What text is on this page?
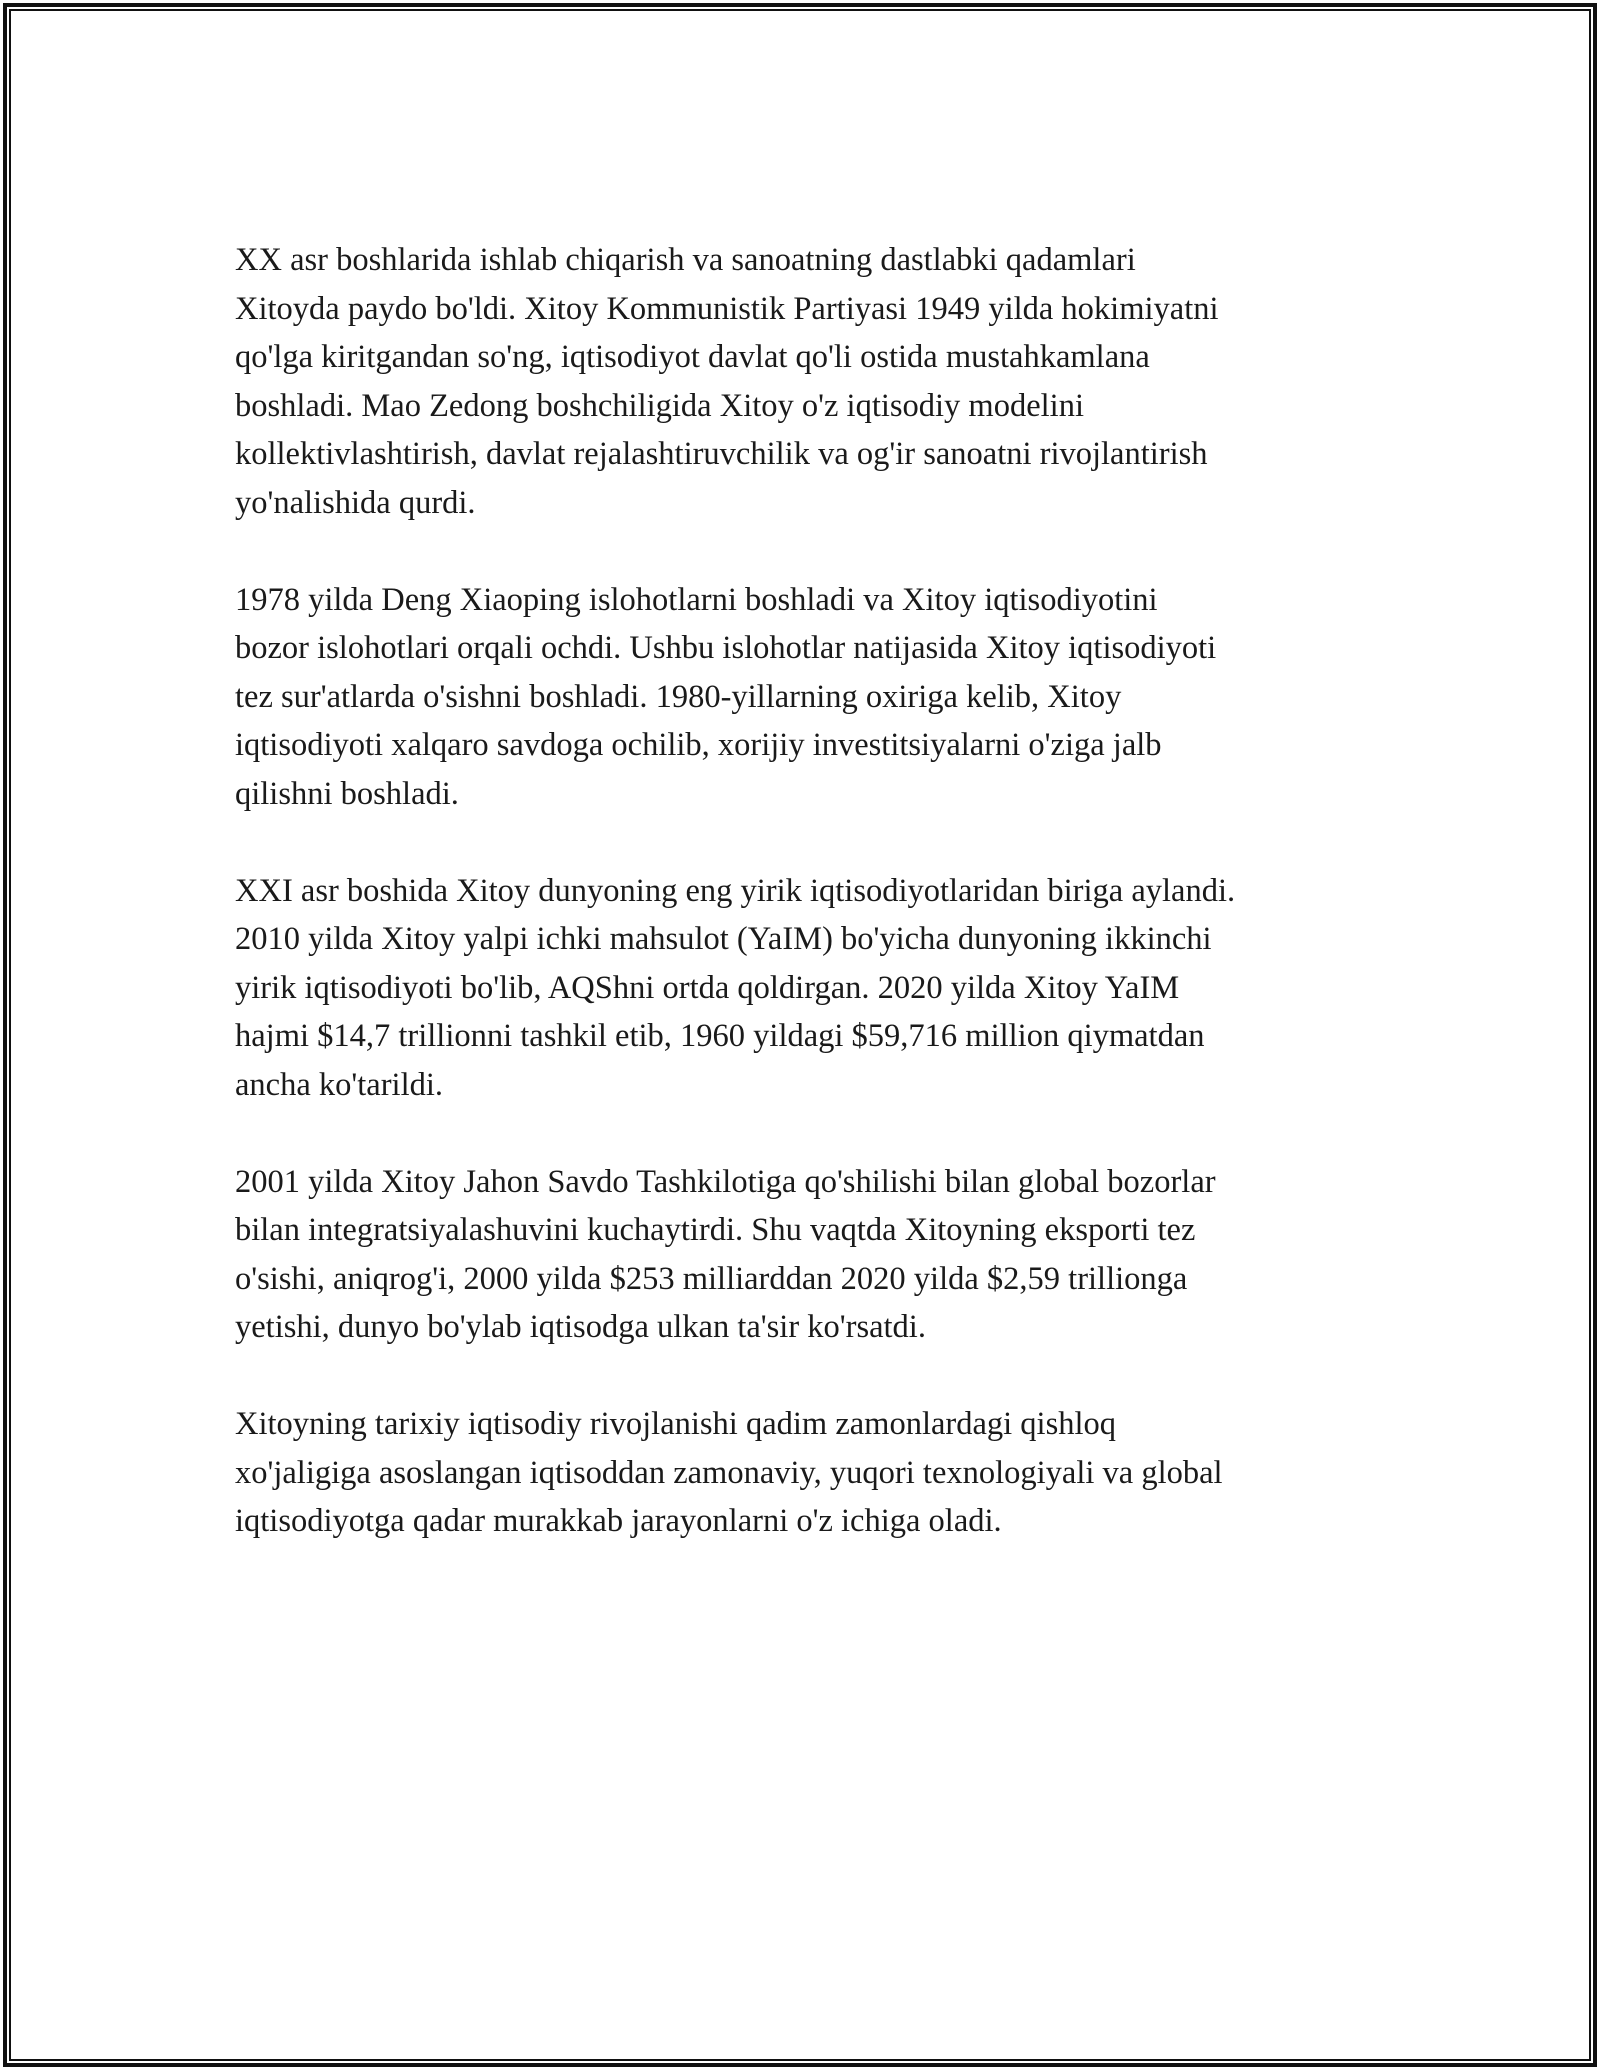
XX asr boshlarida ishlab chiqarish va sanoatning dastlabki qadamlari
Xitoyda paydo bo'ldi. Xitoy Kommunistik Partiyasi 1949 yilda hokimiyatni
qo'lga kiritgandan so'ng, iqtisodiyot davlat qo'li ostida mustahkamlana
boshladi. Mao Zedong boshchiligida Xitoy o'z iqtisodiy modelini
kollektivlashtirish, davlat rejalashtiruvchilik va og'ir sanoatni rivojlantirish
yo'nalishida qurdi.

1978 yilda Deng Xiaoping islohotlarni boshladi va Xitoy iqtisodiyotini
bozor islohotlari orqali ochdi. Ushbu islohotlar natijasida Xitoy iqtisodiyoti
tez sur'atlarda o'sishni boshladi. 1980-yillarning oxiriga kelib, Xitoy
iqtisodiyoti xalqaro savdoga ochilib, xorijiy investitsiyalarni o'ziga jalb
qilishni boshladi.

XXI asr boshida Xitoy dunyoning eng yirik iqtisodiyotlaridan biriga aylandi.
2010 yilda Xitoy yalpi ichki mahsulot (YaIM) bo'yicha dunyoning ikkinchi
yirik iqtisodiyoti bo'lib, AQShni ortda qoldirgan. 2020 yilda Xitoy YaIM
hajmi $14,7 trillionni tashkil etib, 1960 yildagi $59,716 million qiymatdan
ancha ko'tarildi.

2001 yilda Xitoy Jahon Savdo Tashkilotiga qo'shilishi bilan global bozorlar
bilan integratsiyalashuvini kuchaytirdi. Shu vaqtda Xitoyning eksporti tez
o'sishi, aniqrog'i, 2000 yilda $253 milliarddan 2020 yilda $2,59 trillionga
yetishi, dunyo bo'ylab iqtisodga ulkan ta'sir ko'rsatdi.

Xitoyning tarixiy iqtisodiy rivojlanishi qadim zamonlardagi qishloq
xo'jaligiga asoslangan iqtisoddan zamonaviy, yuqori texnologiyali va global
iqtisodiyotga qadar murakkab jarayonlarni o'z ichiga oladi.
